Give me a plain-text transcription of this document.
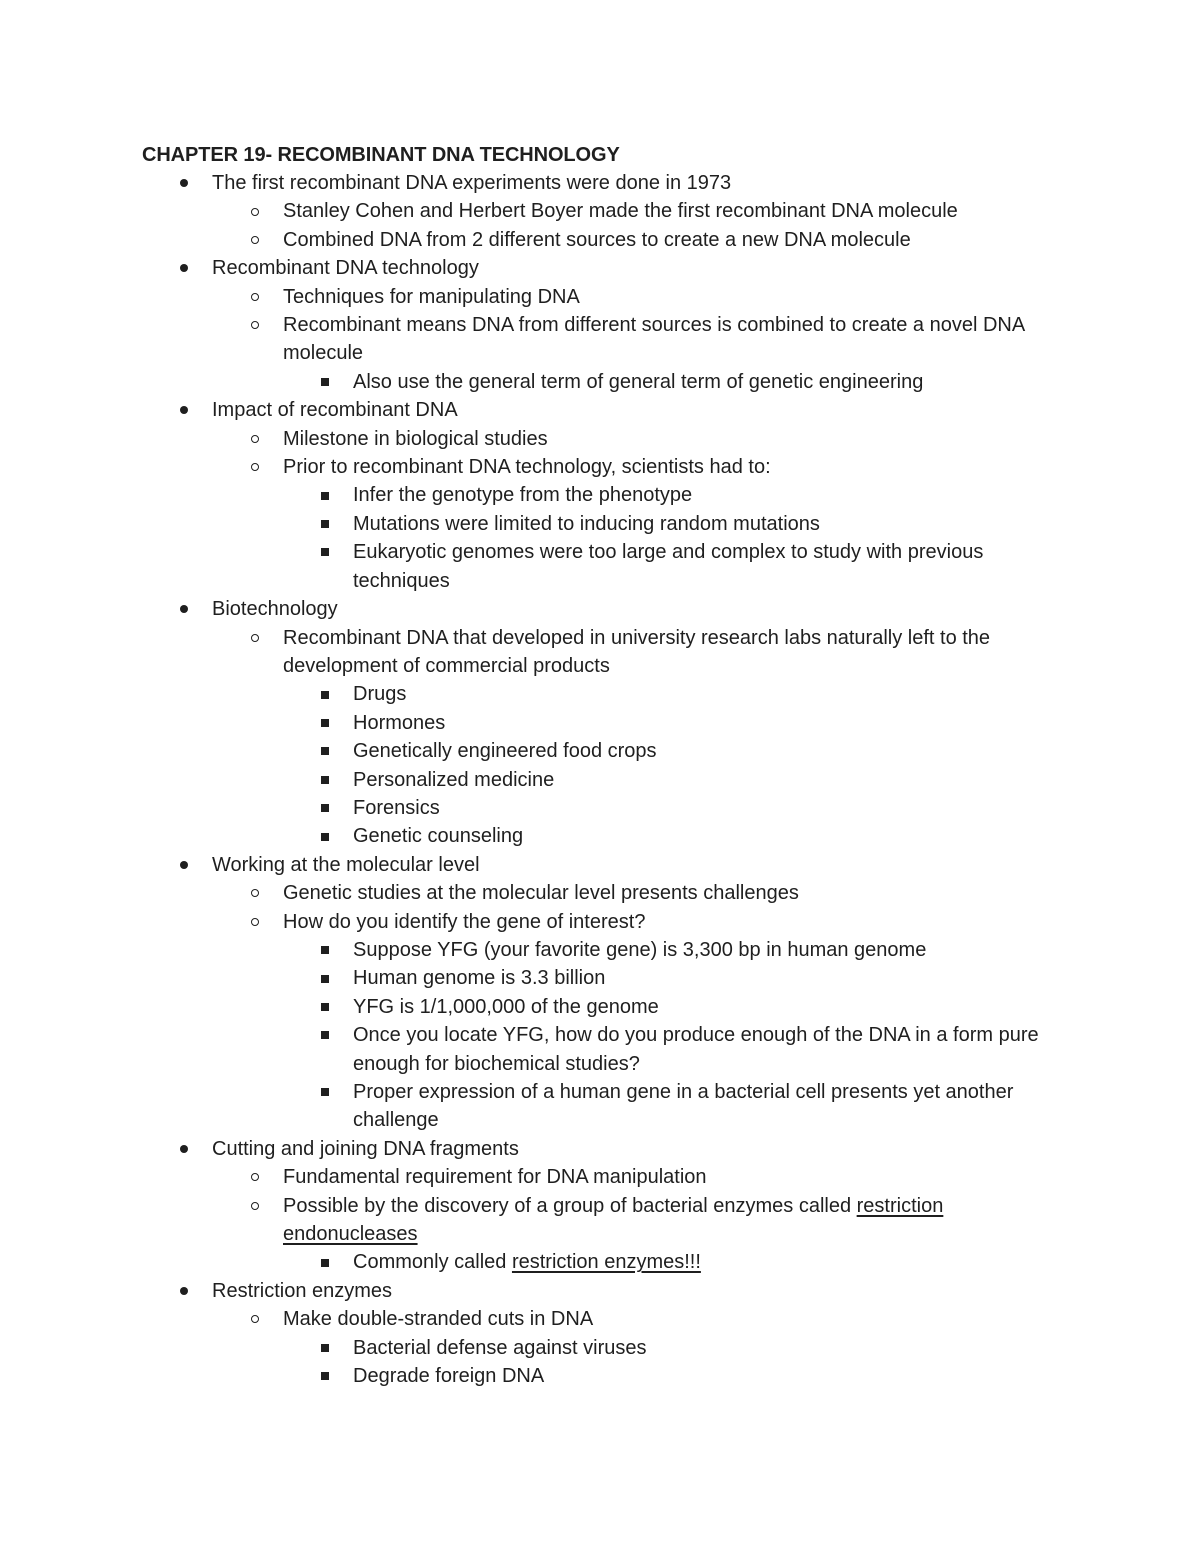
CHAPTER 19- RECOMBINANT DNA TECHNOLOGY
The first recombinant DNA experiments were done in 1973
Stanley Cohen and Herbert Boyer made the first recombinant DNA molecule
Combined DNA from 2 different sources to create a new DNA molecule
Recombinant DNA technology
Techniques for manipulating DNA
Recombinant means DNA from different sources is combined to create a novel DNA molecule
Also use the general term of general term of genetic engineering
Impact of recombinant DNA
Milestone in biological studies
Prior to recombinant DNA technology, scientists had to:
Infer the genotype from the phenotype
Mutations were limited to inducing random mutations
Eukaryotic genomes were too large and complex to study with previous techniques
Biotechnology
Recombinant DNA that developed in university research labs naturally left to the development of commercial products
Drugs
Hormones
Genetically engineered food crops
Personalized medicine
Forensics
Genetic counseling
Working at the molecular level
Genetic studies at the molecular level presents challenges
How do you identify the gene of interest?
Suppose YFG (your favorite gene) is 3,300 bp in human genome
Human genome is 3.3 billion
YFG is 1/1,000,000 of the genome
Once you locate YFG, how do you produce enough of the DNA in a form pure enough for biochemical studies?
Proper expression of a human gene in a bacterial cell presents yet another challenge
Cutting and joining DNA fragments
Fundamental requirement for DNA manipulation
Possible by the discovery of a group of bacterial enzymes called restriction endonucleases
Commonly called restriction enzymes!!!
Restriction enzymes
Make double-stranded cuts in DNA
Bacterial defense against viruses
Degrade foreign DNA
